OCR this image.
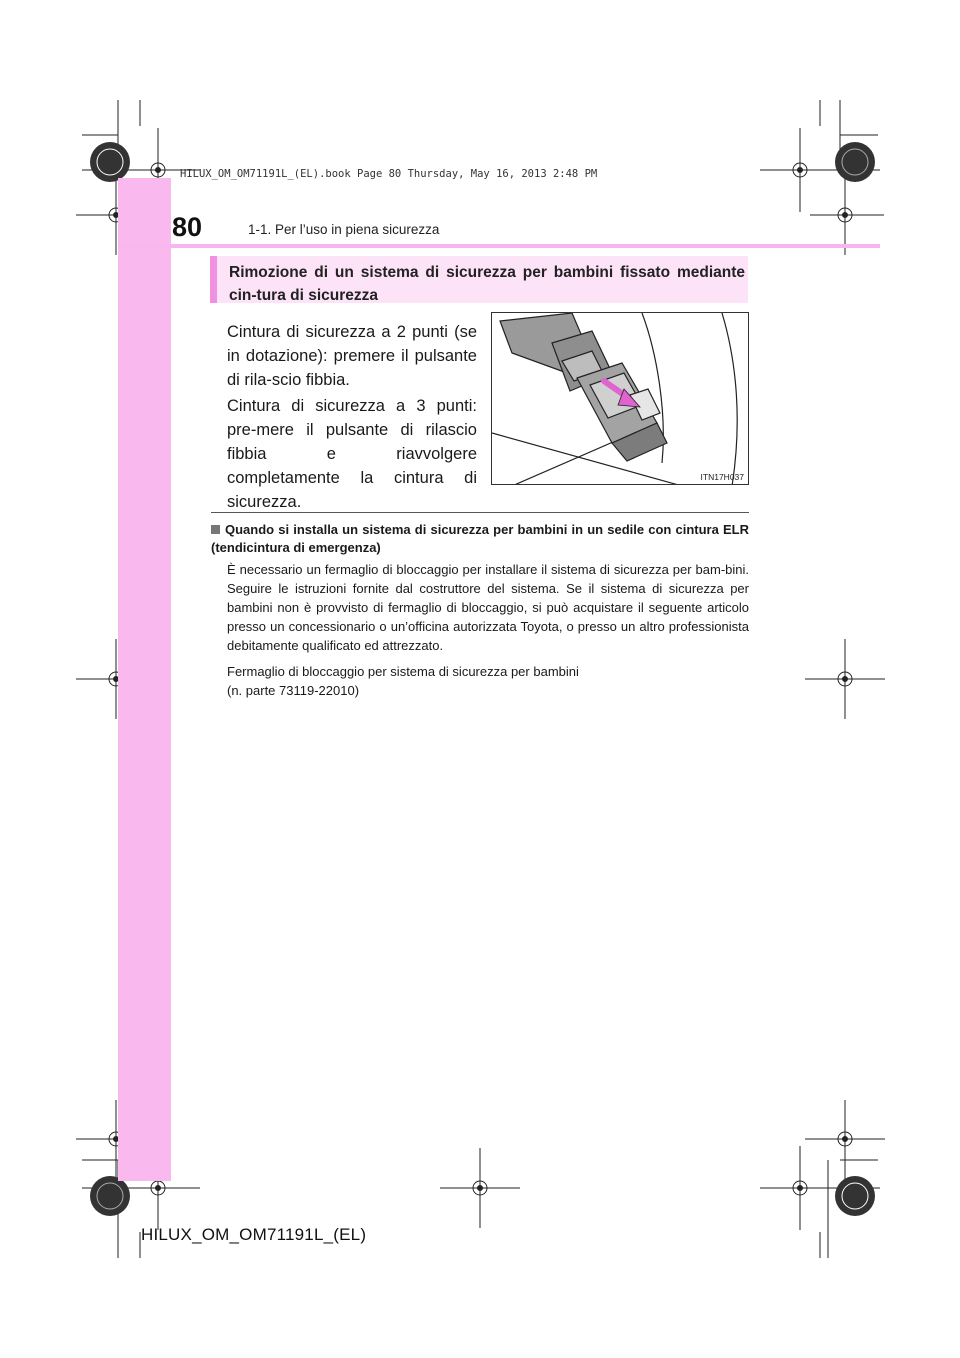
HILUX_OM_OM71191L_(EL).book Page 80 Thursday, May 16, 2013 2:48 PM
80	1-1. Per l’uso in piena sicurezza
Rimozione di un sistema di sicurezza per bambini fissato mediante cin-tura di sicurezza
Cintura di sicurezza a 2 punti (se in dotazione): premere il pulsante di rila-scio fibbia.
Cintura di sicurezza a 3 punti: pre-mere il pulsante di rilascio fibbia e riavvolgere completamente la cintura di sicurezza.
ITN17H037
Quando si installa un sistema di sicurezza per bambini in un sedile con cintura ELR (tendicintura di emergenza)
È necessario un fermaglio di bloccaggio per installare il sistema di sicurezza per bam-bini. Seguire le istruzioni fornite dal costruttore del sistema. Se il sistema di sicurezza per bambini non è provvisto di fermaglio di bloccaggio, si può acquistare il seguente articolo presso un concessionario o un’officina autorizzata Toyota, o presso un altro professionista debitamente qualificato ed attrezzato.
Fermaglio di bloccaggio per sistema di sicurezza per bambini
(n. parte 73119-22010)
HILUX_OM_OM71191L_(EL)
